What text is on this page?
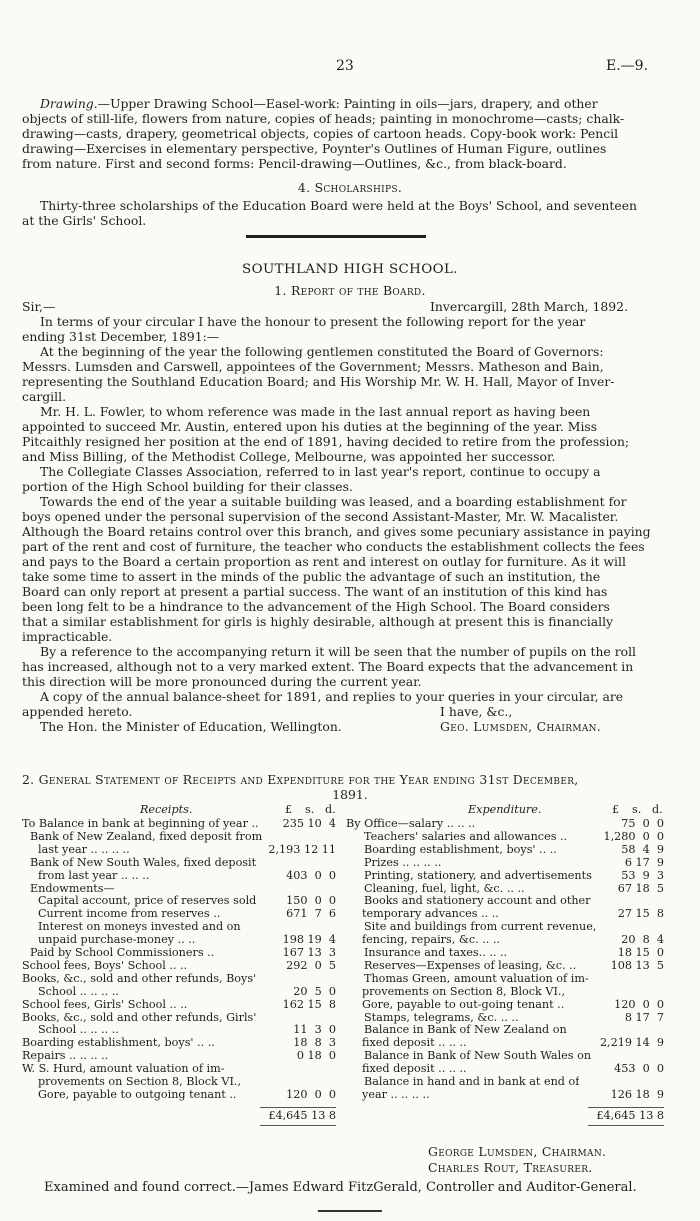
23	E.—9.
Drawing.—Upper Drawing School—Easel-work: Painting in oils—jars, drapery, and other
objects of still-life, flowers from nature, copies of heads; painting in monochrome—casts; chalk-
drawing—casts, drapery, geometrical objects, copies of cartoon heads. Copy-book work: Pencil
drawing—Exercises in elementary perspective, Poynter's Outlines of Human Figure, outlines
from nature. First and second forms: Pencil-drawing—Outlines, &c., from black-board.
4. Scholarships.
Thirty-three scholarships of the Education Board were held at the Boys' School, and seventeen
at the Girls' School.
SOUTHLAND HIGH SCHOOL.
1. Report of the Board.
Sir,—	Invercargill, 28th March, 1892.
In terms of your circular I have the honour to present the following report for the year
ending 31st December, 1891:—
At the beginning of the year the following gentlemen constituted the Board of Governors:
Messrs. Lumsden and Carswell, appointees of the Government; Messrs. Matheson and Bain,
representing the Southland Education Board; and His Worship Mr. W. H. Hall, Mayor of Inver-
cargill.
Mr. H. L. Fowler, to whom reference was made in the last annual report as having been
appointed to succeed Mr. Austin, entered upon his duties at the beginning of the year. Miss
Pitcaithly resigned her position at the end of 1891, having decided to retire from the profession;
and Miss Billing, of the Methodist College, Melbourne, was appointed her successor.
The Collegiate Classes Association, referred to in last year's report, continue to occupy a
portion of the High School building for their classes.
Towards the end of the year a suitable building was leased, and a boarding establishment for
boys opened under the personal supervision of the second Assistant-Master, Mr. W. Macalister.
Although the Board retains control over this branch, and gives some pecuniary assistance in paying
part of the rent and cost of furniture, the teacher who conducts the establishment collects the fees
and pays to the Board a certain proportion as rent and interest on outlay for furniture. As it will
take some time to assert in the minds of the public the advantage of such an institution, the
Board can only report at present a partial success. The want of an institution of this kind has
been long felt to be a hindrance to the advancement of the High School. The Board considers
that a similar establishment for girls is highly desirable, although at present this is financially
impracticable.
By a reference to the accompanying return it will be seen that the number of pupils on the roll
has increased, although not to a very marked extent. The Board expects that the advancement in
this direction will be more pronounced during the current year.
A copy of the annual balance-sheet for 1891, and replies to your queries in your circular, are
appended hereto.	I have, &c.,
The Hon. the Minister of Education, Wellington.	Geo. Lumsden, Chairman.
2. General Statement of Receipts and Expenditure for the Year ending 31st December,
1891.
Receipts.	£ s. d.
To Balance in bank at beginning of year ..	235 10  4
Bank of New Zealand, fixed deposit from
last year .. .. .. ..	2,193 12 11
Bank of New South Wales, fixed deposit
from last year .. .. ..	403  0  0
Endowments—
Capital account, price of reserves sold	150  0  0
Current income from reserves ..	671  7  6
Interest on moneys invested and on
unpaid purchase-money .. ..	198 19  4
Paid by School Commissioners ..	167 13  3
School fees, Boys' School .. ..	292  0  5
Books, &c., sold and other refunds, Boys'
School .. .. .. ..	20  5  0
School fees, Girls' School .. ..	162 15  8
Books, &c., sold and other refunds, Girls'
School .. .. .. ..	11  3  0
Boarding establishment, boys' .. ..	18  8  3
Repairs .. .. .. ..	0 18  0
W. S. Hurd, amount valuation of im-
provements on Section 8, Block VI.,
Gore, payable to outgoing tenant ..	120  0  0
£4,645 13 8
Expenditure.	£ s. d.
By Office—salary .. .. ..	75  0  0
Teachers' salaries and allowances ..	1,280  0  0
Boarding establishment, boys' .. ..	58  4  9
Prizes .. .. .. ..	6 17  9
Printing, stationery, and advertisements	53  9  3
Cleaning, fuel, light, &c. .. ..	67 18  5
Books and stationery account and other
temporary advances .. ..	27 15  8
Site and buildings from current revenue,
fencing, repairs, &c. .. ..	20  8  4
Insurance and taxes.. .. ..	18 15  0
Reserves—Expenses of leasing, &c. ..	108 13  5
Thomas Green, amount valuation of im-
provements on Section 8, Block VI.,
Gore, payable to out-going tenant ..	120  0  0
Stamps, telegrams, &c. .. ..	8 17  7
Balance in Bank of New Zealand on
fixed deposit .. .. ..	2,219 14  9
Balance in Bank of New South Wales on
fixed deposit .. .. ..	453  0  0
Balance in hand and in bank at end of
year .. .. .. ..	126 18  9
£4,645 13 8
George Lumsden, Chairman.
Charles Rout, Treasurer.
Examined and found correct.—James Edward FitzGerald, Controller and Auditor-General.
